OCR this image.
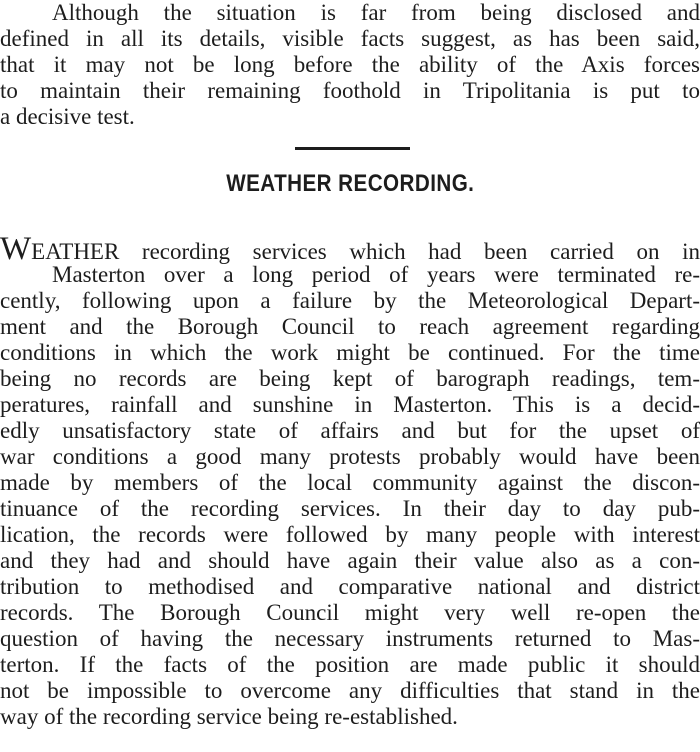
Although the situation is far from being disclosed and
defined in all its details, visible facts suggest, as has been said,
that it may not be long before the ability of the Axis forces
to maintain their remaining foothold in Tripolitania is put to
a decisive test.
WEATHER RECORDING.
WEATHER recording services which had been carried on in
Masterton over a long period of years were terminated re-
cently, following upon a failure by the Meteorological Depart-
ment and the Borough Council to reach agreement regarding
conditions in which the work might be continued. For the time
being no records are being kept of barograph readings, tem-
peratures, rainfall and sunshine in Masterton. This is a decid-
edly unsatisfactory state of affairs and but for the upset of
war conditions a good many protests probably would have been
made by members of the local community against the discon-
tinuance of the recording services. In their day to day pub-
lication, the records were followed by many people with interest
and they had and should have again their value also as a con-
tribution to methodised and comparative national and district
records. The Borough Council might very well re-open the
question of having the necessary instruments returned to Mas-
terton. If the facts of the position are made public it should
not be impossible to overcome any difficulties that stand in the
way of the recording service being re-established.
